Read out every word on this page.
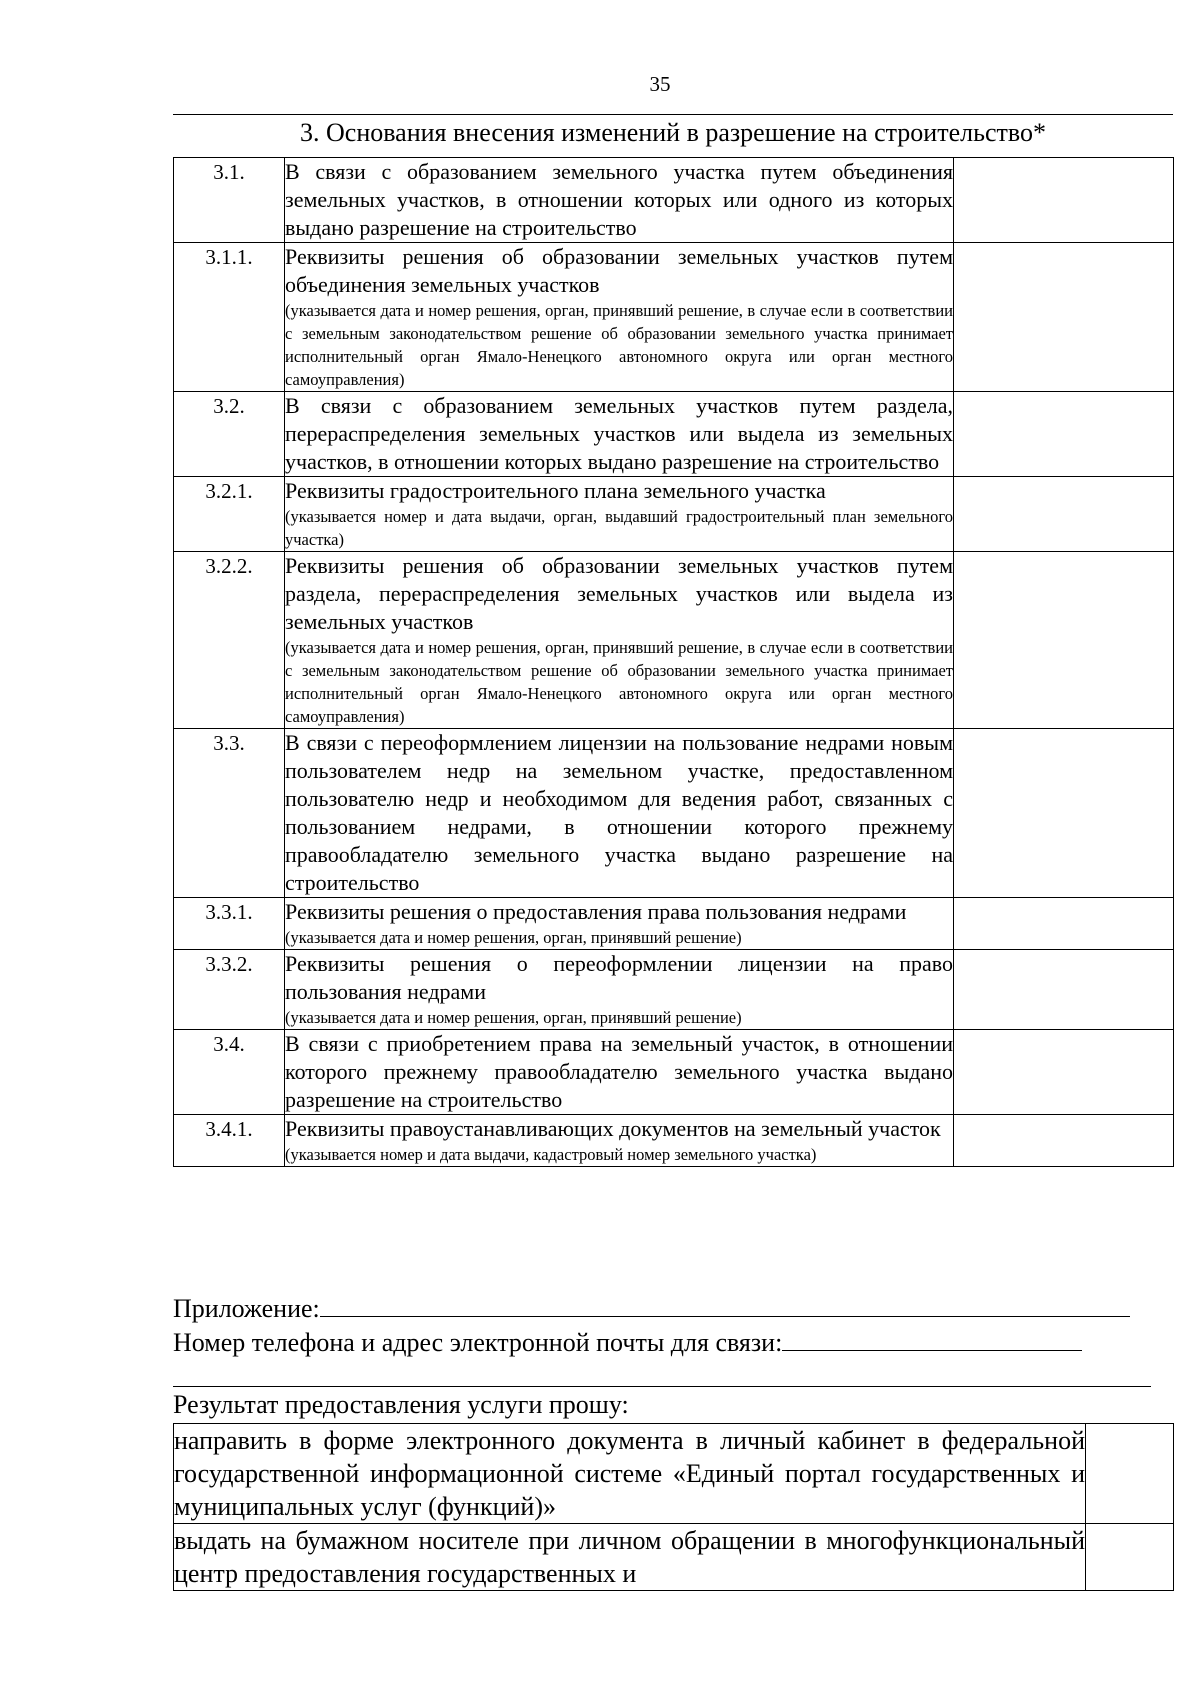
35
3. Основания внесения изменений в разрешение на строительство*
3.1.	В связи с образованием земельного участка путем объединения земельных участков, в отношении которых или одного из которых выдано разрешение на строительство	

3.1.1.	Реквизиты решения об образовании земельных участков путем объединения земельных участков
(указывается дата и номер решения, орган, принявший решение, в случае если в соответствии с земельным законодательством решение об образовании земельного участка принимает исполнительный орган Ямало-Ненецкого автономного округа или орган местного самоуправления)	

3.2.	В связи с образованием земельных участков путем раздела, перераспределения земельных участков или выдела из земельных участков, в отношении которых выдано разрешение на строительство	

3.2.1.	Реквизиты градостроительного плана земельного участка
(указывается номер и дата выдачи, орган, выдавший градостроительный план земельного участка)	

3.2.2.	Реквизиты решения об образовании земельных участков путем раздела, перераспределения земельных участков или выдела из земельных участков
(указывается дата и номер решения, орган, принявший решение, в случае если в соответствии с земельным законодательством решение об образовании земельного участка принимает исполнительный орган Ямало-Ненецкого автономного округа или орган местного самоуправления)	

3.3.	В связи с переоформлением лицензии на пользование недрами новым пользователем недр на земельном участке, предоставленном пользователю недр и необходимом для ведения работ, связанных с пользованием недрами, в отношении которого прежнему правообладателю земельного участка выдано разрешение на строительство	

3.3.1.	Реквизиты решения о предоставления права пользования недрами
(указывается дата и номер решения, орган, принявший решение)	

3.3.2.	Реквизиты решения о переоформлении лицензии на право пользования недрами
(указывается дата и номер решения, орган, принявший решение)	

3.4.	В связи с приобретением права на земельный участок, в отношении которого прежнему правообладателю земельного участка выдано разрешение на строительство	

3.4.1.	Реквизиты правоустанавливающих документов на земельный участок
(указывается номер и дата выдачи, кадастровый номер земельного участка)	

Приложение:
Номер телефона и адрес электронной почты для связи:
Результат предоставления услуги прошу:
направить в форме электронного документа в личный кабинет в федеральной государственной информационной системе «Единый портал государственных и муниципальных услуг (функций)»	
выдать на бумажном носителе при личном обращении в многофункциональный центр предоставления государственных и	
